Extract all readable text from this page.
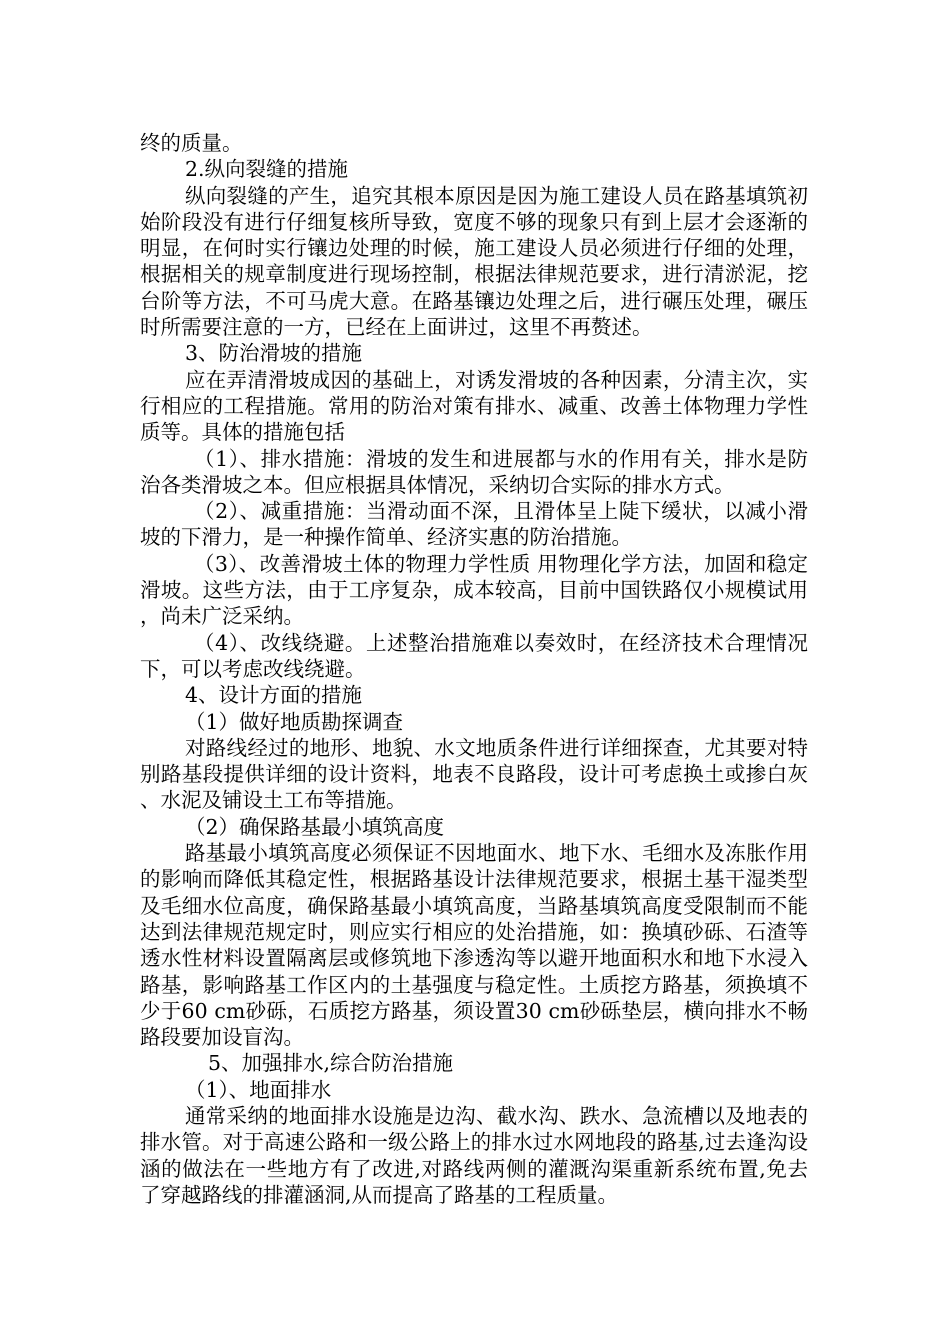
终的质量。

2.纵向裂缝的措施

纵向裂缝的产生，追究其根本原因是因为施工建设人员在路基填筑初始阶段没有进行仔细复核所导致，宽度不够的现象只有到上层才会逐渐的明显，在何时实行镶边处理的时候，施工建设人员必须进行仔细的处理，根据相关的规章制度进行现场控制，根据法律规范要求，进行清淤泥，挖台阶等方法，不可马虎大意。在路基镶边处理之后，进行碾压处理，碾压时所需要注意的一方，已经在上面讲过，这里不再赘述。

3、防治滑坡的措施

应在弄清滑坡成因的基础上，对诱发滑坡的各种因素，分清主次，实行相应的工程措施。常用的防治对策有排水、减重、改善土体物理力学性质等。具体的措施包括

（1）、排水措施：滑坡的发生和进展都与水的作用有关，排水是防治各类滑坡之本。但应根据具体情况，采纳切合实际的排水方式。

（2）、减重措施：当滑动面不深，且滑体呈上陡下缓状，以减小滑坡的下滑力，是一种操作简单、经济实惠的防治措施。

（3）、改善滑坡土体的物理力学性质 用物理化学方法，加固和稳定滑坡。这些方法，由于工序复杂，成本较高，目前中国铁路仅小规模试用，尚未广泛采纳。

（4）、改线绕避。上述整治措施难以奏效时，在经济技术合理情况下，可以考虑改线绕避。

4、设计方面的措施

（1）做好地质勘探调查

对路线经过的地形、地貌、水文地质条件进行详细探查，尤其要对特别路基段提供详细的设计资料，地表不良路段，设计可考虑换土或掺白灰、水泥及铺设土工布等措施。

（2）确保路基最小填筑高度

路基最小填筑高度必须保证不因地面水、地下水、毛细水及冻胀作用的影响而降低其稳定性，根据路基设计法律规范要求，根据土基干湿类型及毛细水位高度，确保路基最小填筑高度，当路基填筑高度受限制而不能达到法律规范规定时，则应实行相应的处治措施，如：换填砂砾、石渣等透水性材料设置隔离层或修筑地下渗透沟等以避开地面积水和地下水浸入路基，影响路基工作区内的土基强度与稳定性。土质挖方路基，须换填不少于60 cm砂砾，石质挖方路基，须设置30 cm砂砾垫层，横向排水不畅路段要加设盲沟。

5、加强排水,综合防治措施

（1）、地面排水

通常采纳的地面排水设施是边沟、截水沟、跌水、急流槽以及地表的排水管。对于高速公路和一级公路上的排水过水网地段的路基,过去逢沟设涵的做法在一些地方有了改进,对路线两侧的灌溉沟渠重新系统布置,免去了穿越路线的排灌涵洞,从而提高了路基的工程质量。
